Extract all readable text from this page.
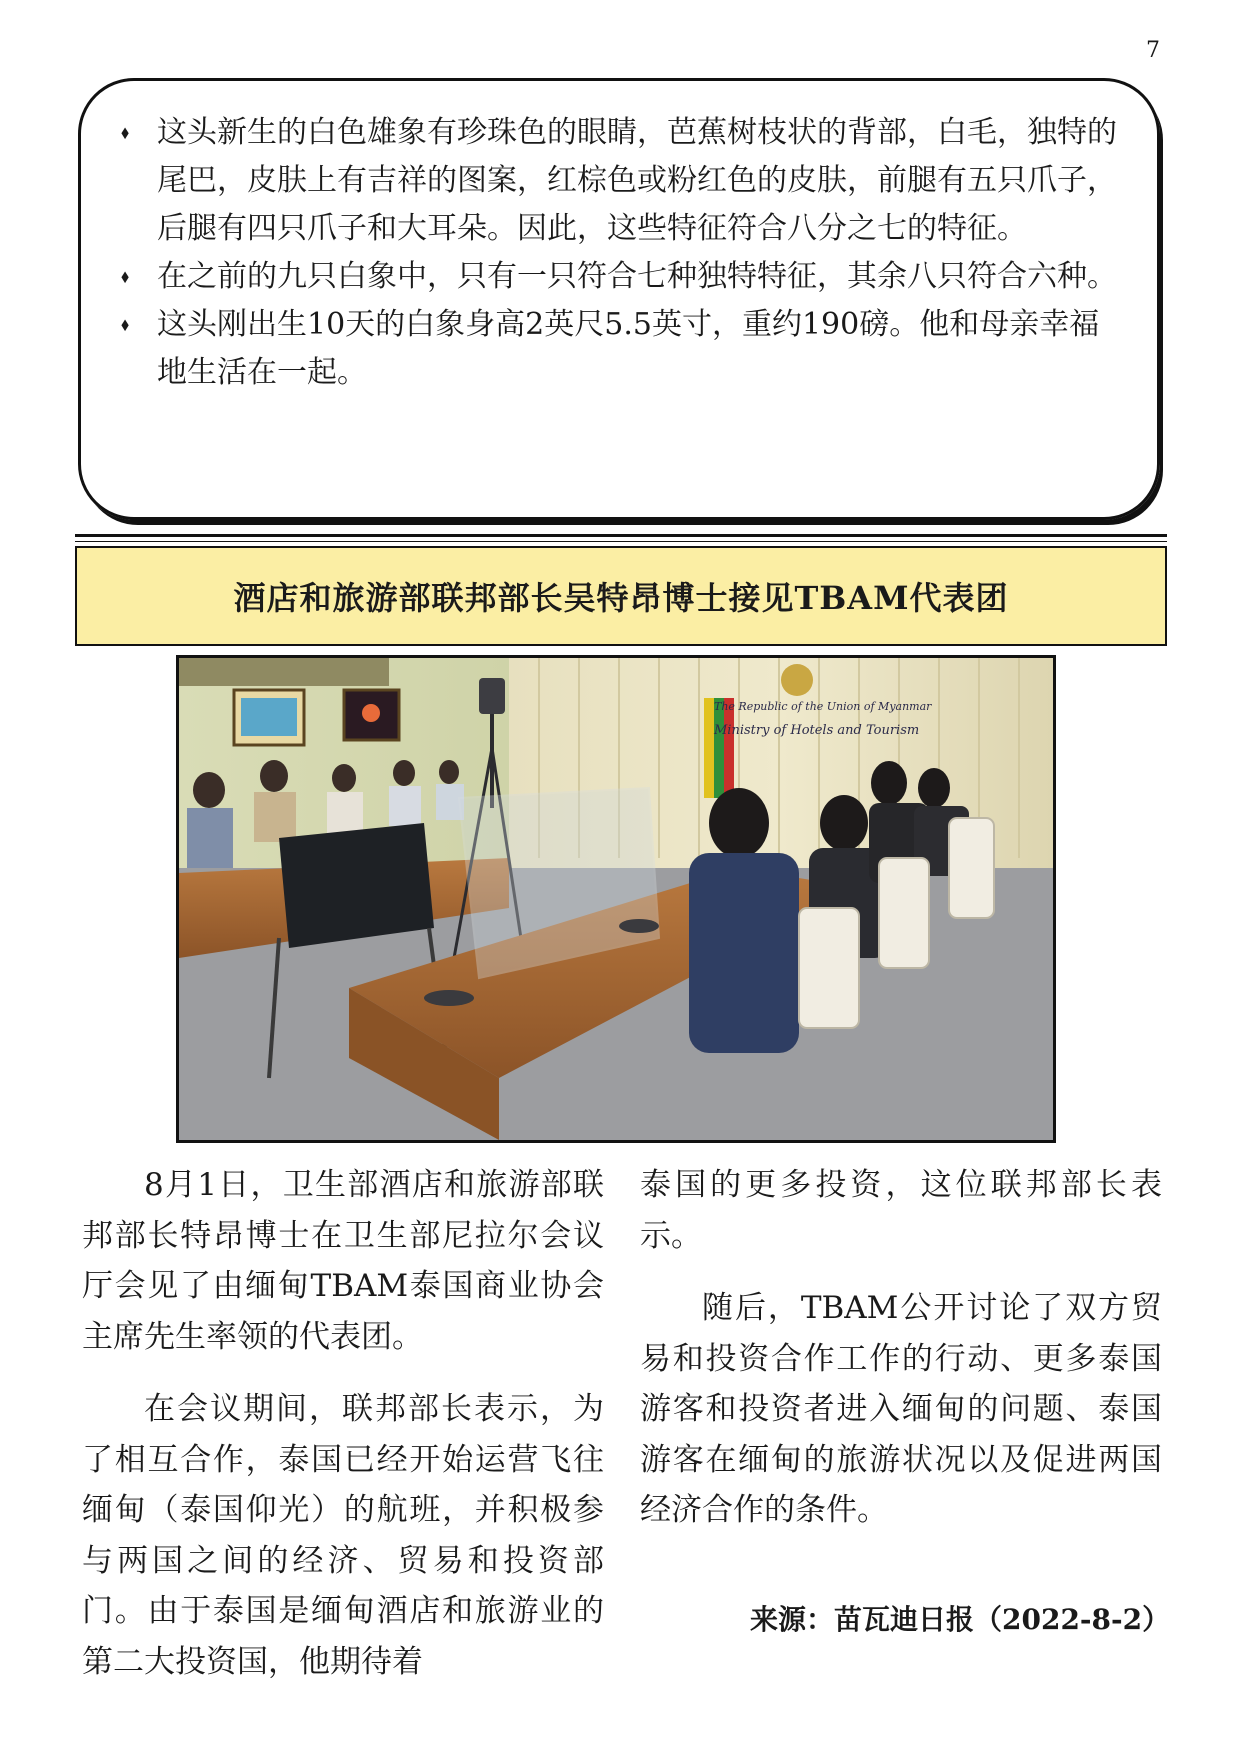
7
⬧ 这头新生的白色雄象有珍珠色的眼睛，芭蕉树枝状的背部，白毛，独特的尾巴，皮肤上有吉祥的图案，红棕色或粉红色的皮肤，前腿有五只爪子，后腿有四只爪子和大耳朵。因此，这些特征符合八分之七的特征。
⬧ 在之前的九只白象中，只有一只符合七种独特特征，其余八只符合六种。
⬧ 这头刚出生10天的白象身高2英尺5.5英寸，重约190磅。他和母亲幸福地生活在一起。
酒店和旅游部联邦部长吴特昂博士接见TBAM代表团
The Republic of the Union of Myanmar
Ministry of Hotels and Tourism

8月1日，卫生部酒店和旅游部联邦部长特昂博士在卫生部尼拉尔会议厅会见了由缅甸TBAM泰国商业协会主席先生率领的代表团。

在会议期间，联邦部长表示，为了相互合作，泰国已经开始运营飞往缅甸（泰国仰光）的航班，并积极参与两国之间的经济、贸易和投资部门。由于泰国是缅甸酒店和旅游业的第二大投资国，他期待着

泰国的更多投资，这位联邦部长表示。

随后，TBAM公开讨论了双方贸易和投资合作工作的行动、更多泰国游客和投资者进入缅甸的问题、泰国游客在缅甸的旅游状况以及促进两国经济合作的条件。

来源：苗瓦迪日报（2022-8-2）
